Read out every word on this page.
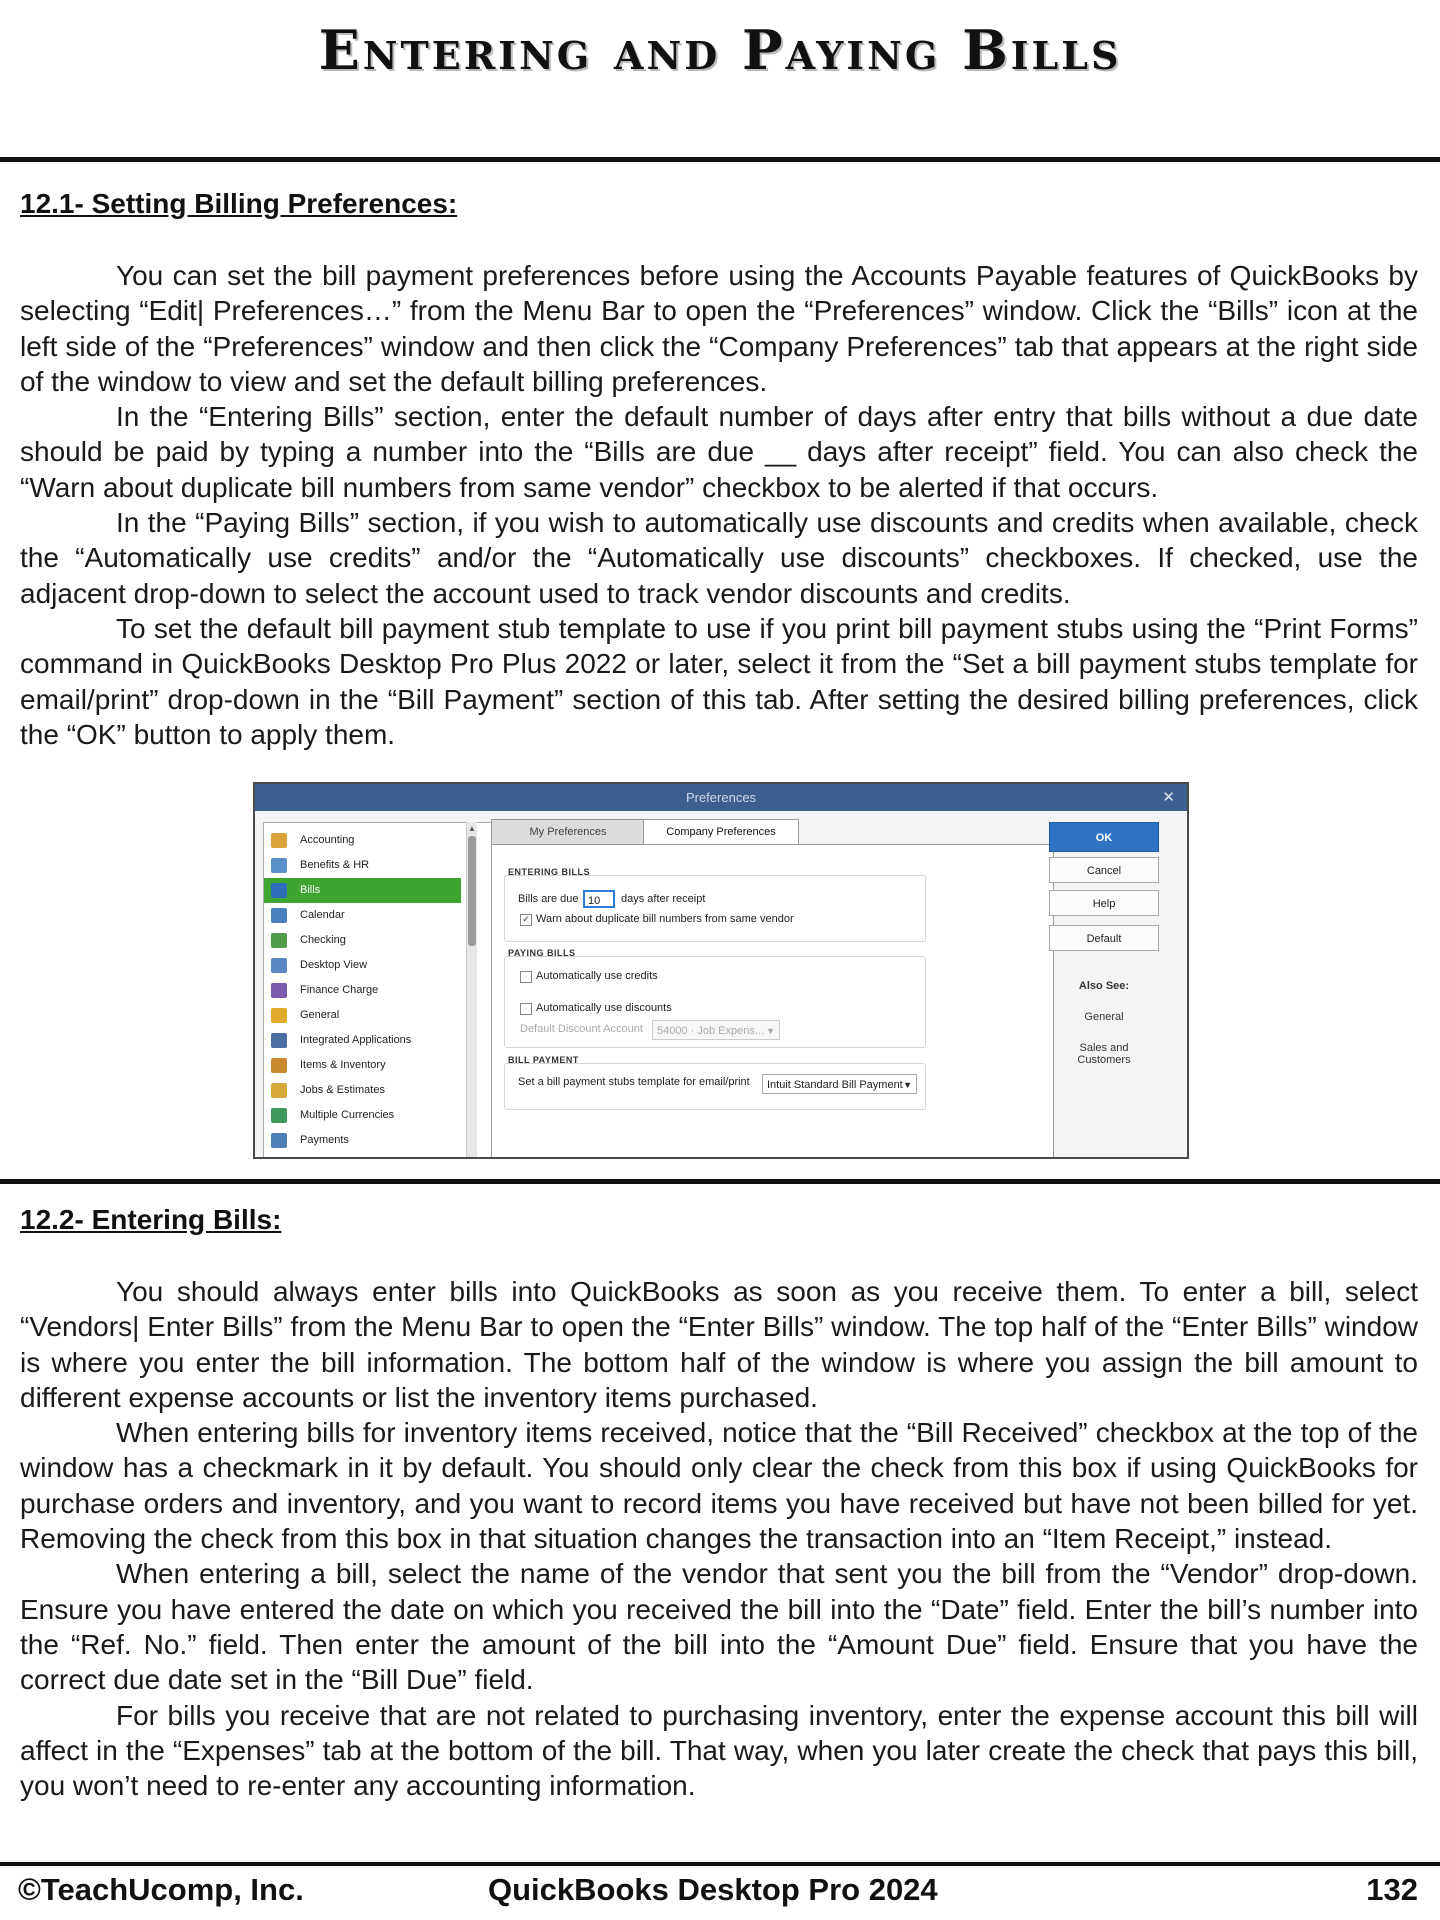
Entering and Paying Bills
12.1- Setting Billing Preferences:

You can set the bill payment preferences before using the Accounts Payable features of QuickBooks by selecting “Edit| Preferences…” from the Menu Bar to open the “Preferences” window. Click the “Bills” icon at the left side of the “Preferences” window and then click the “Company Preferences” tab that appears at the right side of the window to view and set the default billing preferences.

In the “Entering Bills” section, enter the default number of days after entry that bills without a due date should be paid by typing a number into the “Bills are due __ days after receipt” field. You can also check the “Warn about duplicate bill numbers from same vendor” checkbox to be alerted if that occurs.

In the “Paying Bills” section, if you wish to automatically use discounts and credits when available, check the “Automatically use credits” and/or the “Automatically use discounts” checkboxes. If checked, use the adjacent drop-down to select the account used to track vendor discounts and credits.

To set the default bill payment stub template to use if you print bill payment stubs using the “Print Forms” command in QuickBooks Desktop Pro Plus 2022 or later, select it from the “Set a bill payment stubs template for email/print” drop-down in the “Bill Payment” section of this tab. After setting the desired billing preferences, click the “OK” button to apply them.

Preferences	✕
Accounting
Benefits & HR
Bills
Calendar
Checking
Desktop View
Finance Charge
General
Integrated Applications
Items & Inventory
Jobs & Estimates
Multiple Currencies
Payments
▲	My Preferences	Company Preferences
ENTERING BILLS
Bills are due 10	days after receipt
✓ Warn about duplicate bill numbers from same vendor
PAYING BILLS
Automatically use credits
Automatically use discounts
Default Discount Account	54000 · Job Expens... ▼
BILL PAYMENT
Set a bill payment stubs template for email/print	Intuit Standard Bill Payment ▼
OK
Cancel
Help
Default
Also See:
General
Sales and Customers
12.2- Entering Bills:

You should always enter bills into QuickBooks as soon as you receive them. To enter a bill, select “Vendors| Enter Bills” from the Menu Bar to open the “Enter Bills” window. The top half of the “Enter Bills” window is where you enter the bill information. The bottom half of the window is where you assign the bill amount to different expense accounts or list the inventory items purchased.

When entering bills for inventory items received, notice that the “Bill Received” checkbox at the top of the window has a checkmark in it by default. You should only clear the check from this box if using QuickBooks for purchase orders and inventory, and you want to record items you have received but have not been billed for yet. Removing the check from this box in that situation changes the transaction into an “Item Receipt,” instead.

When entering a bill, select the name of the vendor that sent you the bill from the “Vendor” drop-down. Ensure you have entered the date on which you received the bill into the “Date” field. Enter the bill’s number into the “Ref. No.” field. Then enter the amount of the bill into the “Amount Due” field. Ensure that you have the correct due date set in the “Bill Due” field.

For bills you receive that are not related to purchasing inventory, enter the expense account this bill will affect in the “Expenses” tab at the bottom of the bill. That way, when you later create the check that pays this bill, you won’t need to re-enter any accounting information.

©TeachUcomp, Inc.	QuickBooks Desktop Pro 2024	132
